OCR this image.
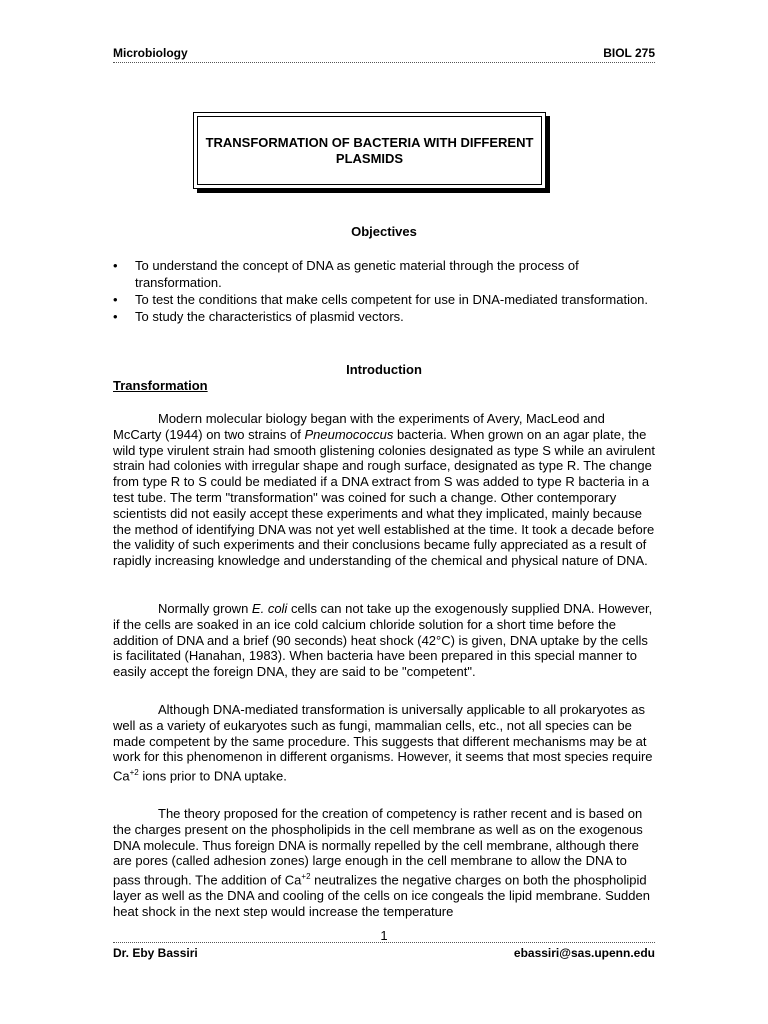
Microbiology	BIOL 275
TRANSFORMATION OF BACTERIA WITH DIFFERENT PLASMIDS
Objectives
• To understand the concept of DNA as genetic material through the process of transformation.
• To test the conditions that make cells competent for use in DNA-mediated transformation.
• To study the characteristics of plasmid vectors.
Introduction
Transformation

Modern molecular biology began with the experiments of Avery, MacLeod and McCarty (1944) on two strains of Pneumococcus bacteria. When grown on an agar plate, the wild type virulent strain had smooth glistening colonies designated as type S while an avirulent strain had colonies with irregular shape and rough surface, designated as type R. The change from type R to S could be mediated if a DNA extract from S was added to type R bacteria in a test tube. The term "transformation" was coined for such a change. Other contemporary scientists did not easily accept these experiments and what they implicated, mainly because the method of identifying DNA was not yet well established at the time. It took a decade before the validity of such experiments and their conclusions became fully appreciated as a result of rapidly increasing knowledge and understanding of the chemical and physical nature of DNA.

Normally grown E. coli cells can not take up the exogenously supplied DNA. However, if the cells are soaked in an ice cold calcium chloride solution for a short time before the addition of DNA and a brief (90 seconds) heat shock (42°C) is given, DNA uptake by the cells is facilitated (Hanahan, 1983). When bacteria have been prepared in this special manner to easily accept the foreign DNA, they are said to be "competent".

Although DNA-mediated transformation is universally applicable to all prokaryotes as well as a variety of eukaryotes such as fungi, mammalian cells, etc., not all species can be made competent by the same procedure. This suggests that different mechanisms may be at work for this phenomenon in different organisms. However, it seems that most species require $Ca^{+2}$ ions prior to DNA uptake.

The theory proposed for the creation of competency is rather recent and is based on the charges present on the phospholipids in the cell membrane as well as on the exogenous DNA molecule. Thus foreign DNA is normally repelled by the cell membrane, although there are pores (called adhesion zones) large enough in the cell membrane to allow the DNA to pass through. The addition of $Ca^{+2}$ neutralizes the negative charges on both the phospholipid layer as well as the DNA and cooling of the cells on ice congeals the lipid membrane. Sudden heat shock in the next step would increase the temperature

1
Dr. Eby Bassiri	ebassiri@sas.upenn.edu
